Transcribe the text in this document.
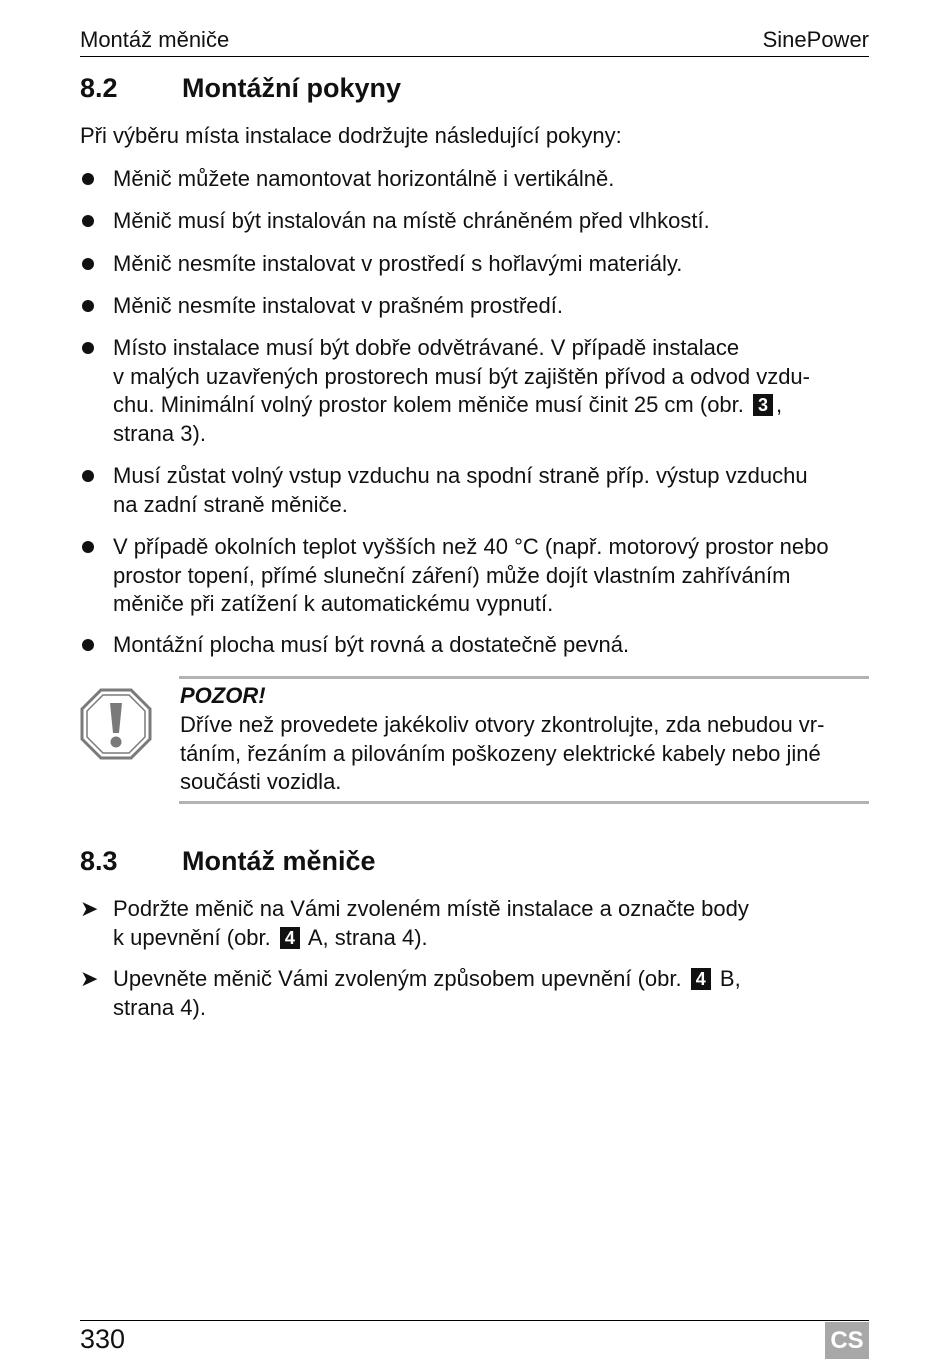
Montáž měniče	SinePower
8.2	Montážní pokyny
Při výběru místa instalace dodržujte následující pokyny:
Měnič můžete namontovat horizontálně i vertikálně.
Měnič musí být instalován na místě chráněném před vlhkostí.
Měnič nesmíte instalovat v prostředí s hořlavými materiály.
Měnič nesmíte instalovat v prašném prostředí.
Místo instalace musí být dobře odvětrávané. V případě instalace
v malých uzavřených prostorech musí být zajištěn přívod a odvod vzdu-
chu. Minimální volný prostor kolem měniče musí činit 25 cm (obr. 3 ,
strana 3).
Musí zůstat volný vstup vzduchu na spodní straně příp. výstup vzduchu
na zadní straně měniče.
V případě okolních teplot vyšších než 40 °C (např. motorový prostor nebo
prostor topení, přímé sluneční záření) může dojít vlastním zahříváním
měniče při zatížení k automatickému vypnutí.
Montážní plocha musí být rovná a dostatečně pevná.
POZOR!
Dříve než provedete jakékoliv otvory zkontrolujte, zda nebudou vr-
táním, řezáním a pilováním poškozeny elektrické kabely nebo jiné
součásti vozidla.
8.3	Montáž měniče
➤ Podržte měnič na Vámi zvoleném místě instalace a označte body
k upevnění (obr. 4 A, strana 4).
➤ Upevněte měnič Vámi zvoleným způsobem upevnění (obr. 4 B,
strana 4).
330	CS
